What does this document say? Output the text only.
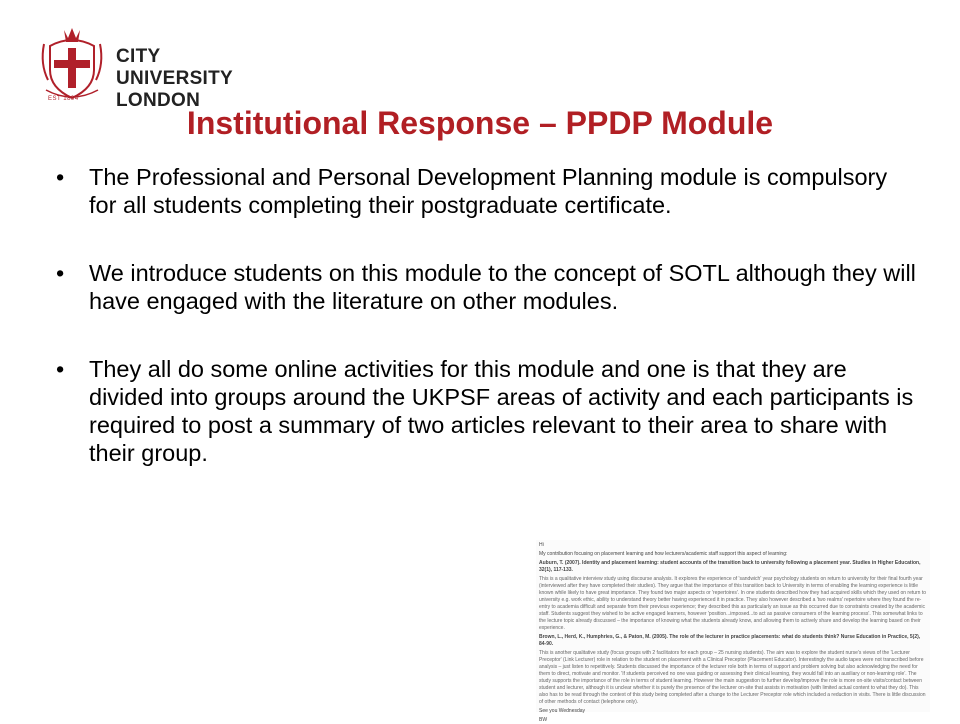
EST 1894
CITY UNIVERSITY
LONDON
Institutional Response – PPDP Module
• The Professional and Personal Development Planning module is compulsory for all students completing their postgraduate certificate.
• We introduce students on this module to the concept of SOTL although they will have engaged with the literature on other modules.
• They all do some online activities for this module and one is that they are divided into groups around the UKPSF areas of activity and each participants is required to post a summary of two articles relevant to their area to share with their group.

Hi

My contribution focusing on placement learning and how lecturers/academic staff support this aspect of learning:

Auburn, T. (2007). Identity and placement learning: student accounts of the transition back to university following a placement year. Studies in Higher Education, 32(1), 117-133.

This is a qualitative interview study using discourse analysis. It explores the experience of 'sandwich' year psychology students on return to university for their final fourth year (interviewed after they have completed their studies). They argue that the importance of this transition back to University in terms of enabling the learning experience is little known while likely to have great importance. They found two major aspects or 'repertoires'. In one students described how they had acquired skills which they used on return to university e.g. work ethic, ability to understand theory better having experienced it in practice. They also however described a 'two realms' repertoire where they found the re-entry to academia difficult and separate from their previous experience; they described this as particularly an issue as this occurred due to constraints created by the academic staff. Students suggest they wished to be active engaged learners, however 'position...imposed...to act as passive consumers of the learning process'. This somewhat links to the lecture topic already discussed – the importance of knowing what the students already know, and allowing them to actively share and develop the learning based on their experience.

Brown, L., Herd, K., Humphries, G., & Paton, M. (2005). The role of the lecturer in practice placements: what do students think? Nurse Education in Practice, 5(2), 84-90.

This is another qualitative study (focus groups with 2 facilitators for each group – 25 nursing students). The aim was to explore the student nurse's views of the 'Lecturer Preceptor' (Link Lecturer) role in relation to the student on placement with a Clinical Preceptor (Placement Educator). Interestingly the audio tapes were not transcribed before analysis – just listen to repetitively. Students discussed the importance of the lecturer role both in terms of support and problem solving but also acknowledging the need for them to direct, motivate and monitor. 'If students perceived no one was guiding or assessing their clinical learning, they would fall into an auxiliary or non-learning role'. The study supports the importance of the role in terms of student learning. However the main suggestion to further develop/improve the role is more on-site visits/contact between student and lecturer, although it is unclear whether it is purely the presence of the lecturer on-site that assists in motivation (with limited actual content to what they do). This also has to be read through the context of this study being completed after a change to the Lecturer Preceptor role which included a reduction in visits. There is little discussion of other methods of contact (telephone only).

See you Wednesday

BW
